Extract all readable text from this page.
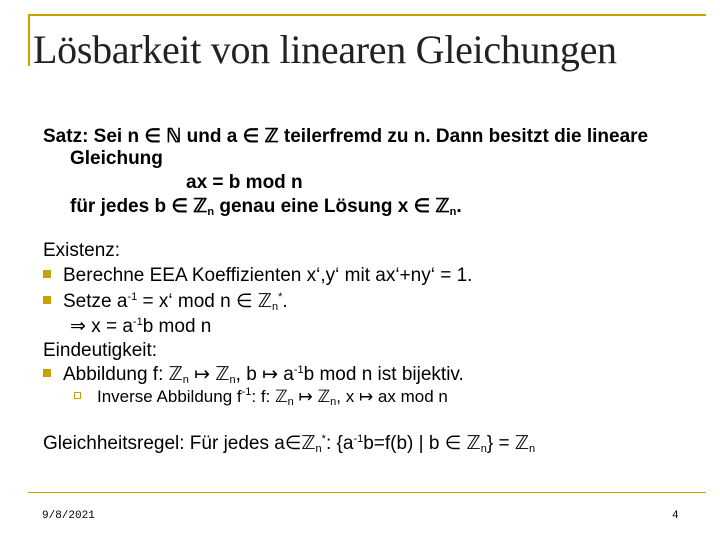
Lösbarkeit von linearen Gleichungen
Satz: Sei n ∈ ℕ und a ∈ ℤ teilerfremd zu n. Dann besitzt die lineare
Gleichung
ax = b mod n
für jedes b ∈ ℤ$_n$ genau eine Lösung x ∈ ℤ$_n$.
Existenz:
Berechne EEA Koeffizienten x‘,y‘ mit ax‘+ny‘ = 1.
Setze $a^{-1}$ = x‘ mod n ∈ ℤ$_n$*.
⇒ $x = a^{-1}b$ mod n
Eindeutigkeit:
Abbildung f: ℤ$_n$ ↦ ℤ$_n$, b ↦ $a^{-1}b$ mod n ist bijektiv.
Inverse Abbildung $f^{-1}$: f: ℤ$_n$ ↦ ℤ$_n$, x ↦ ax mod n
Gleichheitsregel: Für jedes a∈ℤ$_n$*: {$a^{-1}b=f(b)$ | b ∈ ℤ$_n$} = ℤ$_n$
9/8/2021	4
